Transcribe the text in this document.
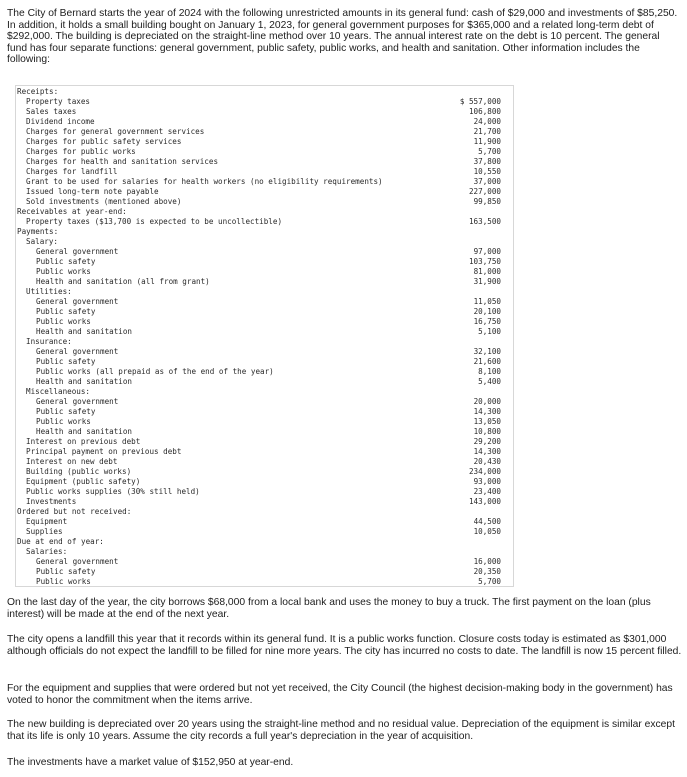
The City of Bernard starts the year of 2024 with the following unrestricted amounts in its general fund: cash of $29,000 and investments of $85,250. In addition, it holds a small building bought on January 1, 2023, for general government purposes for $365,000 and a related long-term debt of $292,000. The building is depreciated on the straight-line method over 10 years. The annual interest rate on the debt is 10 percent. The general fund has four separate functions: general government, public safety, public works, and health and sanitation. Other information includes the following:

Receipts:
Property taxes	$ 557,000
Sales taxes	106,800
Dividend income	24,000
Charges for general government services	21,700
Charges for public safety services	11,900
Charges for public works	5,700
Charges for health and sanitation services	37,800
Charges for landfill	10,550
Grant to be used for salaries for health workers (no eligibility requirements)	37,000
Issued long-term note payable	227,000
Sold investments (mentioned above)	99,850
Receivables at year-end:
Property taxes ($13,700 is expected to be uncollectible)	163,500
Payments:
Salary:
General government	97,000
Public safety	103,750
Public works	81,000
Health and sanitation (all from grant)	31,900
Utilities:
General government	11,050
Public safety	20,100
Public works	16,750
Health and sanitation	5,100
Insurance:
General government	32,100
Public safety	21,600
Public works (all prepaid as of the end of the year)	8,100
Health and sanitation	5,400
Miscellaneous:
General government	20,000
Public safety	14,300
Public works	13,050
Health and sanitation	10,800
Interest on previous debt	29,200
Principal payment on previous debt	14,300
Interest on new debt	20,430
Building (public works)	234,000
Equipment (public safety)	93,000
Public works supplies (30% still held)	23,400
Investments	143,000
Ordered but not received:
Equipment	44,500
Supplies	10,050
Due at end of year:
Salaries:
General government	16,000
Public safety	20,350
Public works	5,700

On the last day of the year, the city borrows $68,000 from a local bank and uses the money to buy a truck. The first payment on the loan (plus interest) will be made at the end of the next year.

The city opens a landfill this year that it records within its general fund. It is a public works function. Closure costs today is estimated as $301,000 although officials do not expect the landfill to be filled for nine more years. The city has incurred no costs to date. The landfill is now 15 percent filled.

For the equipment and supplies that were ordered but not yet received, the City Council (the highest decision-making body in the government) has voted to honor the commitment when the items arrive.

The new building is depreciated over 20 years using the straight-line method and no residual value. Depreciation of the equipment is similar except that its life is only 10 years. Assume the city records a full year's depreciation in the year of acquisition.

The investments have a market value of $152,950 at year-end.
